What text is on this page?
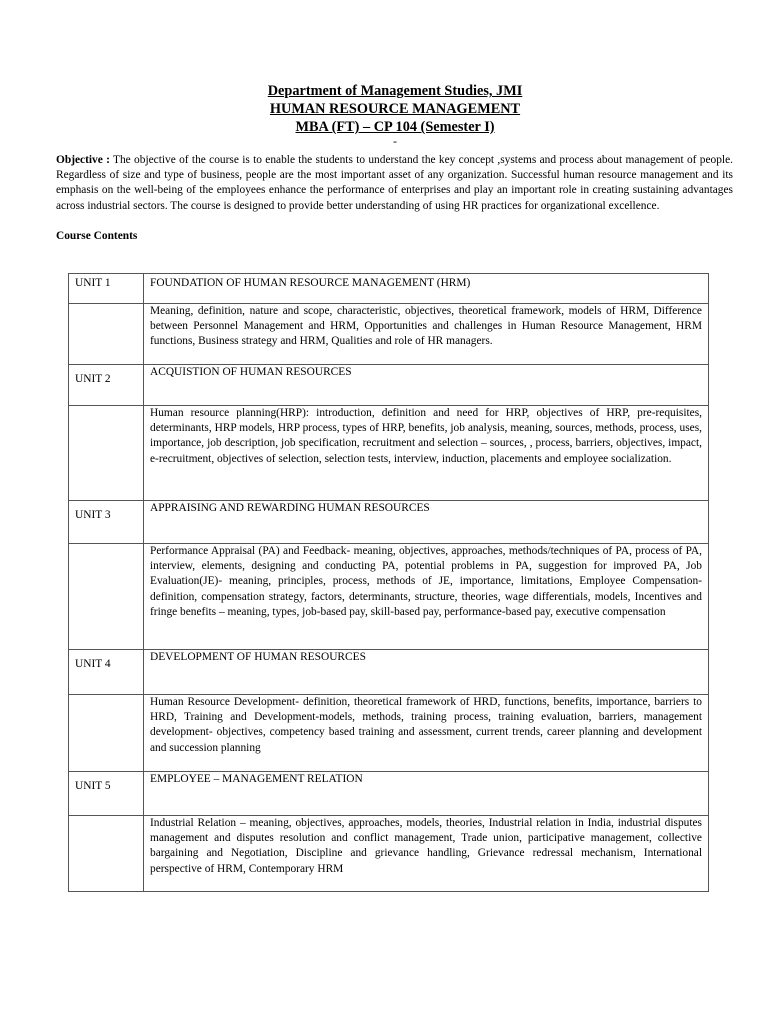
Department of Management Studies, JMI
HUMAN RESOURCE MANAGEMENT
MBA (FT) – CP 104 (Semester I)
-
Objective : The objective of the course is to enable the students to understand the key concept ,systems and process about management of people. Regardless of size and type of business, people are the most important asset of any organization. Successful human resource management and its emphasis on the well-being of the employees enhance the performance of enterprises and play an important role in creating sustaining advantages across industrial sectors. The course is designed to provide better understanding of using HR practices for organizational excellence.
Course Contents
UNIT 1	FOUNDATION OF HUMAN RESOURCE MANAGEMENT (HRM)
	Meaning, definition, nature and scope, characteristic, objectives, theoretical framework, models of HRM, Difference between Personnel Management and HRM, Opportunities and challenges in Human Resource Management, HRM functions, Business strategy and HRM, Qualities and role of HR managers.
UNIT 2	ACQUISTION OF HUMAN RESOURCES
	Human resource planning(HRP): introduction, definition and need for HRP, objectives of HRP, pre-requisites, determinants, HRP models, HRP process, types of HRP, benefits, job analysis, meaning, sources, methods, process, uses, importance, job description, job specification, recruitment and selection – sources, , process, barriers, objectives, impact, e-recruitment, objectives of selection, selection tests, interview, induction, placements and employee socialization.
UNIT 3	APPRAISING AND REWARDING HUMAN RESOURCES
	Performance Appraisal (PA) and Feedback- meaning, objectives, approaches, methods/techniques of PA, process of PA, interview, elements, designing and conducting PA, potential problems in PA, suggestion for improved PA, Job Evaluation(JE)- meaning, principles, process, methods of JE, importance, limitations, Employee Compensation- definition, compensation strategy, factors, determinants, structure, theories, wage differentials, models, Incentives and fringe benefits – meaning, types, job-based pay, skill-based pay, performance-based pay, executive compensation
UNIT 4	DEVELOPMENT OF HUMAN RESOURCES
	Human Resource Development- definition, theoretical framework of HRD, functions, benefits, importance, barriers to HRD, Training and Development-models, methods, training process, training evaluation, barriers, management development- objectives, competency based training and assessment, current trends, career planning and development and succession planning
UNIT 5	EMPLOYEE – MANAGEMENT RELATION
	Industrial Relation – meaning, objectives, approaches, models, theories, Industrial relation in India, industrial disputes management and disputes resolution and conflict management, Trade union, participative management, collective bargaining and Negotiation, Discipline and grievance handling, Grievance redressal mechanism, International perspective of HRM, Contemporary HRM
